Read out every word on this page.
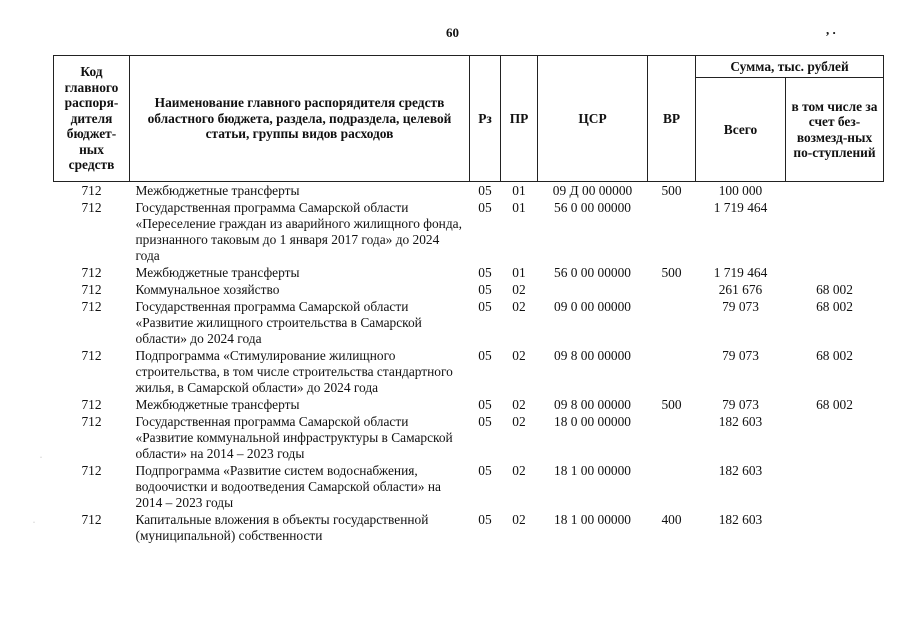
60	, .
Код главного распоря-дителя бюджет-ных средств	Наименование главного распорядителя средств областного бюджета, раздела, подраздела, целевой статьи, группы видов расходов	Рз	ПР	ЦСР	ВР	Сумма, тыс. рублей	
						Всего	в том числе за счет без-возмезд-ных по-ступлений
712	Межбюджетные трансферты	05	01	09 Д 00 00000	500	100 000	
712	Государственная программа Самарской области «Переселение граждан из аварийного жилищного фонда, признанного таковым до 1 января 2017 года» до 2024 года	05	01	56 0 00 00000		1 719 464	
712	Межбюджетные трансферты	05	01	56 0 00 00000	500	1 719 464	
712	Коммунальное хозяйство	05	02			261 676	68 002
712	Государственная программа Самарской области «Развитие жилищного строительства в Самарской области» до 2024 года	05	02	09 0 00 00000		79 073	68 002
712	Подпрограмма «Стимулирование жилищного строительства, в том числе строительства стандартного жилья, в Самарской области» до 2024 года	05	02	09 8 00 00000		79 073	68 002
712	Межбюджетные трансферты	05	02	09 8 00 00000	500	79 073	68 002
712	Государственная программа Самарской области «Развитие коммунальной инфраструктуры в Самарской области» на 2014 – 2023 годы	05	02	18 0 00 00000		182 603	
712	Подпрограмма «Развитие систем водоснабжения, водоочистки и водоотведения Самарской области» на 2014 – 2023 годы	05	02	18 1 00 00000		182 603	
712	Капитальные вложения в объекты государственной (муниципальной) собственности	05	02	18 1 00 00000	400	182 603	
·
·
